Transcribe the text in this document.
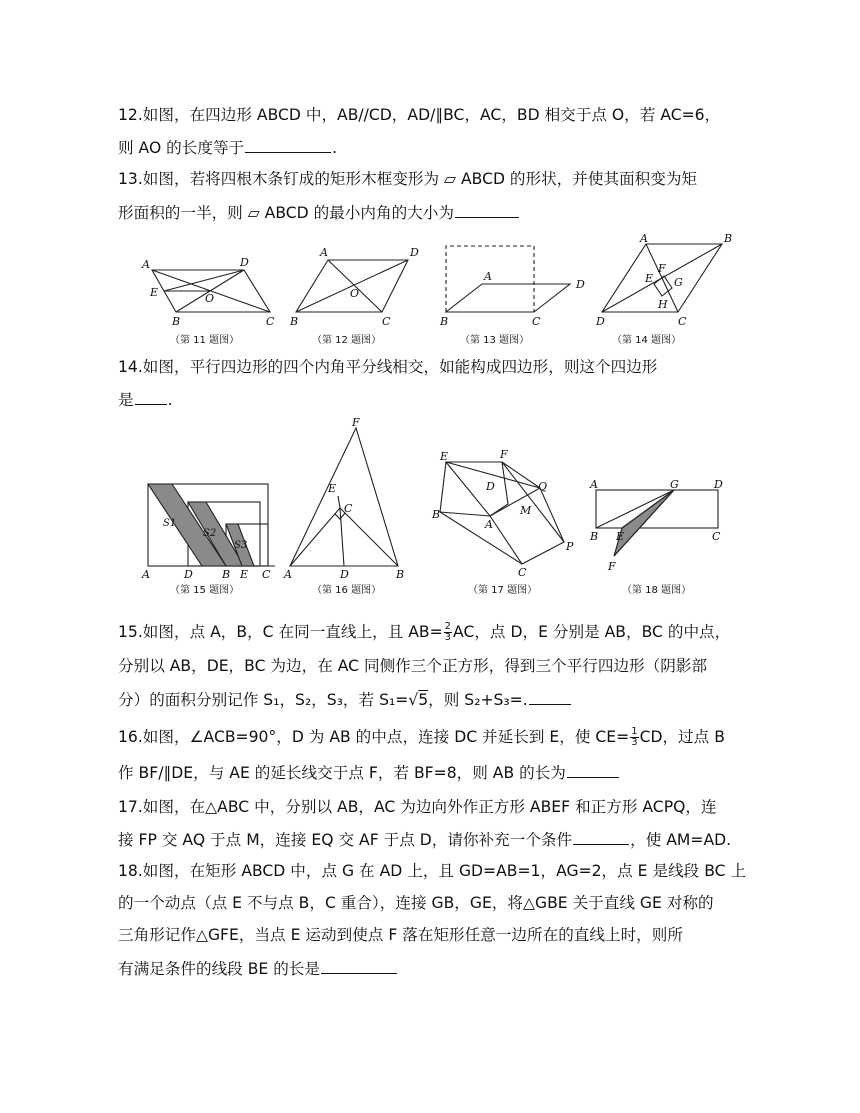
12.如图，在四边形 ABCD 中，AB//CD，AD/∥BC，AC，BD 相交于点 O，若 AC=6，
则 AO 的长度等于	.
13.如图，若将四根木条钉成的矩形木框变形为 ▱ ABCD 的形状，并使其面积变为矩
形面积的一半，则 ▱ ABCD 的最小内角的大小为
A	D
E	O
B	C
（第 11 题图）
A	D
O
B	C
（第 12 题图）
A
D
B	C
（第 13 题图）
A	B
E
F
G
H
D	C
（第 14 题图）
14.如图，平行四边形的四个内角平分线相交，如能构成四边形，则这个四边形
是 .
S1
S2
S3
A	D	B E C
（第 15 题图）
F
E
C
A	D	B
（第 16 题图）
E	F
D	Q
M
B
A
C
P
（第 17 题图）
A	G	D
B E	C
F
（第 18 题图）
15.如图，点 A，B，C 在同一直线上，且 $AB= \frac{2}{3}$ AC，点 D，E 分别是 AB，BC 的中点，
分别以 AB，DE，BC 为边，在 AC 同侧作三个正方形，得到三个平行四边形（阴影部
分）的面积分别记作 S₁，S₂，S₃，若 S₁=√5，则 S₂+S₃=.
16.如图，∠ACB=90°，D 为 AB 的中点，连接 DC 并延长到 E，使 $CE= \frac{1}{3}$ CD，过点 B
作 BF/∥DE，与 AE 的延长线交于点 F，若 BF=8，则 AB 的长为
17.如图，在△ABC 中，分别以 AB，AC 为边向外作正方形 ABEF 和正方形 ACPQ，连
接 FP 交 AQ 于点 M，连接 EQ 交 AF 于点 D，请你补充一个条件	，使 AM=AD.
18.如图，在矩形 ABCD 中，点 G 在 AD 上，且 GD=AB=1，AG=2，点 E 是线段 BC 上
的一个动点（点 E 不与点 B，C 重合），连接 GB，GE，将△GBE 关于直线 GE 对称的
三角形记作△GFE，当点 E 运动到使点 F 落在矩形任意一边所在的直线上时，则所
有满足条件的线段 BE 的长是
